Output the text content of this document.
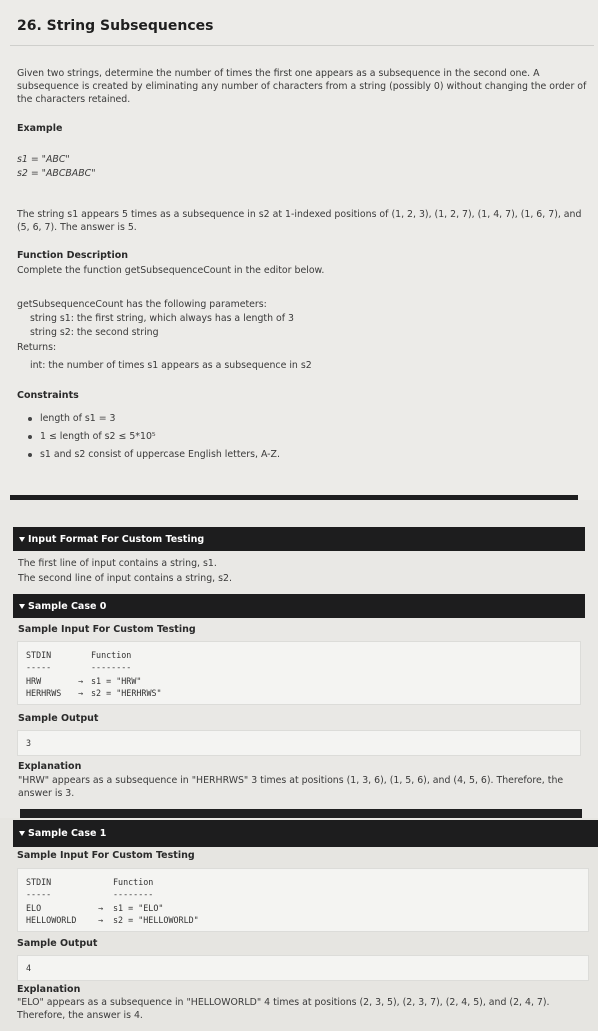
26. String Subsequences

Given two strings, determine the number of times the first one appears as a subsequence in the second one. A subsequence is created by eliminating any number of characters from a string (possibly 0) without changing the order of the characters retained.

Example
s1 = "ABC"
s2 = "ABCBABC"

The string s1 appears 5 times as a subsequence in s2 at 1-indexed positions of (1, 2, 3), (1, 2, 7), (1, 4, 7), (1, 6, 7), and (5, 6, 7). The answer is 5.

Function Description
Complete the function getSubsequenceCount in the editor below.
getSubsequenceCount has the following parameters:
string s1: the first string, which always has a length of 3
string s2: the second string
Returns:
int: the number of times s1 appears as a subsequence in s2
Constraints
length of s1 = 3
1 ≤ length of s2 ≤ 5*10⁵
s1 and s2 consist of uppercase English letters, A-Z.
Input Format For Custom Testing
The first line of input contains a string, s1.
The second line of input contains a string, s2.
Sample Case 0
Sample Input For Custom Testing
STDIN	Function
-----	--------
HRW	→ s1 = "HRW"
HERHRWS → s2 = "HERHRWS"
Sample Output
3
Explanation

"HRW" appears as a subsequence in "HERHRWS" 3 times at positions (1, 3, 6), (1, 5, 6), and (4, 5, 6). Therefore, the answer is 3.

Sample Case 1
Sample Input For Custom Testing
STDIN	Function
-----	--------
ELO	→ s1 = "ELO"
HELLOWORLD	→ s2 = "HELLOWORLD"
Sample Output
4
Explanation

"ELO" appears as a subsequence in "HELLOWORLD" 4 times at positions (2, 3, 5), (2, 3, 7), (2, 4, 5), and (2, 4, 7). Therefore, the answer is 4.
